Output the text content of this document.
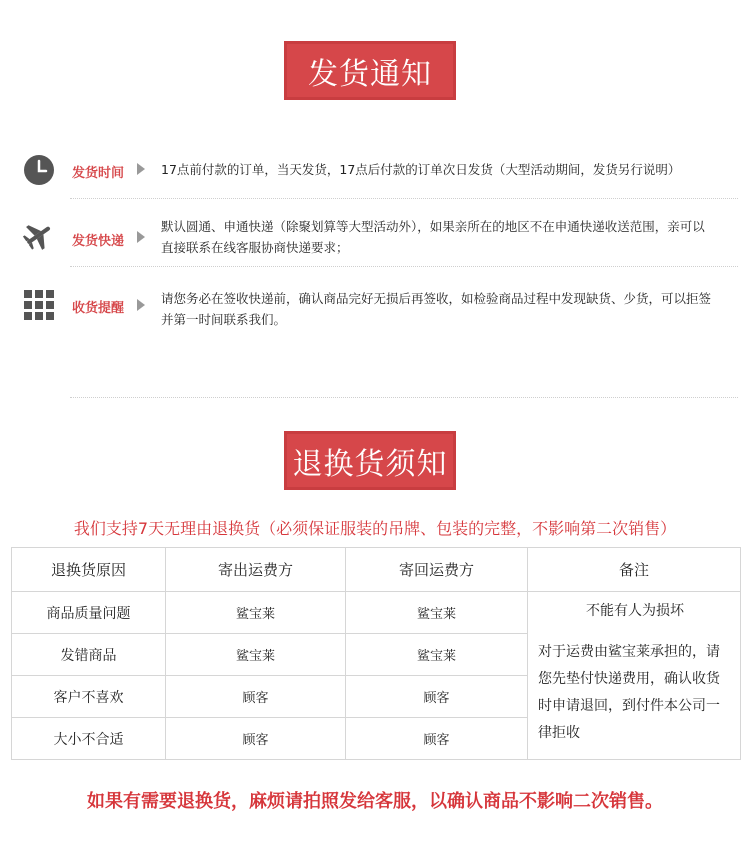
发货通知
发货时间	17点前付款的订单，当天发货，17点后付款的订单次日发货（大型活动期间，发货另行说明）
发货快递
默认圆通、申通快递（除聚划算等大型活动外），如果亲所在的地区不在申通快递收送范围，亲可以直接联系在线客服协商快递要求；
收货提醒
请您务必在签收快递前，确认商品完好无损后再签收，如检验商品过程中发现缺货、少货，可以拒签并第一时间联系我们。
退换货须知
我们支持7天无理由退换货（必须保证服装的吊牌、包装的完整，不影响第二次销售）
退换货原因	寄出运费方	寄回运费方	备注
商品质量问题	鲨宝莱	鲨宝莱	不能有人为损坏
对于运费由鲨宝莱承担的，请您先垫付快递费用，确认收货时申请退回，到付件本公司一律拒收

发错商品	鲨宝莱	鲨宝莱	
客户不喜欢	顾客	顾客	
大小不合适	顾客	顾客	
如果有需要退换货，麻烦请拍照发给客服，以确认商品不影响二次销售。
